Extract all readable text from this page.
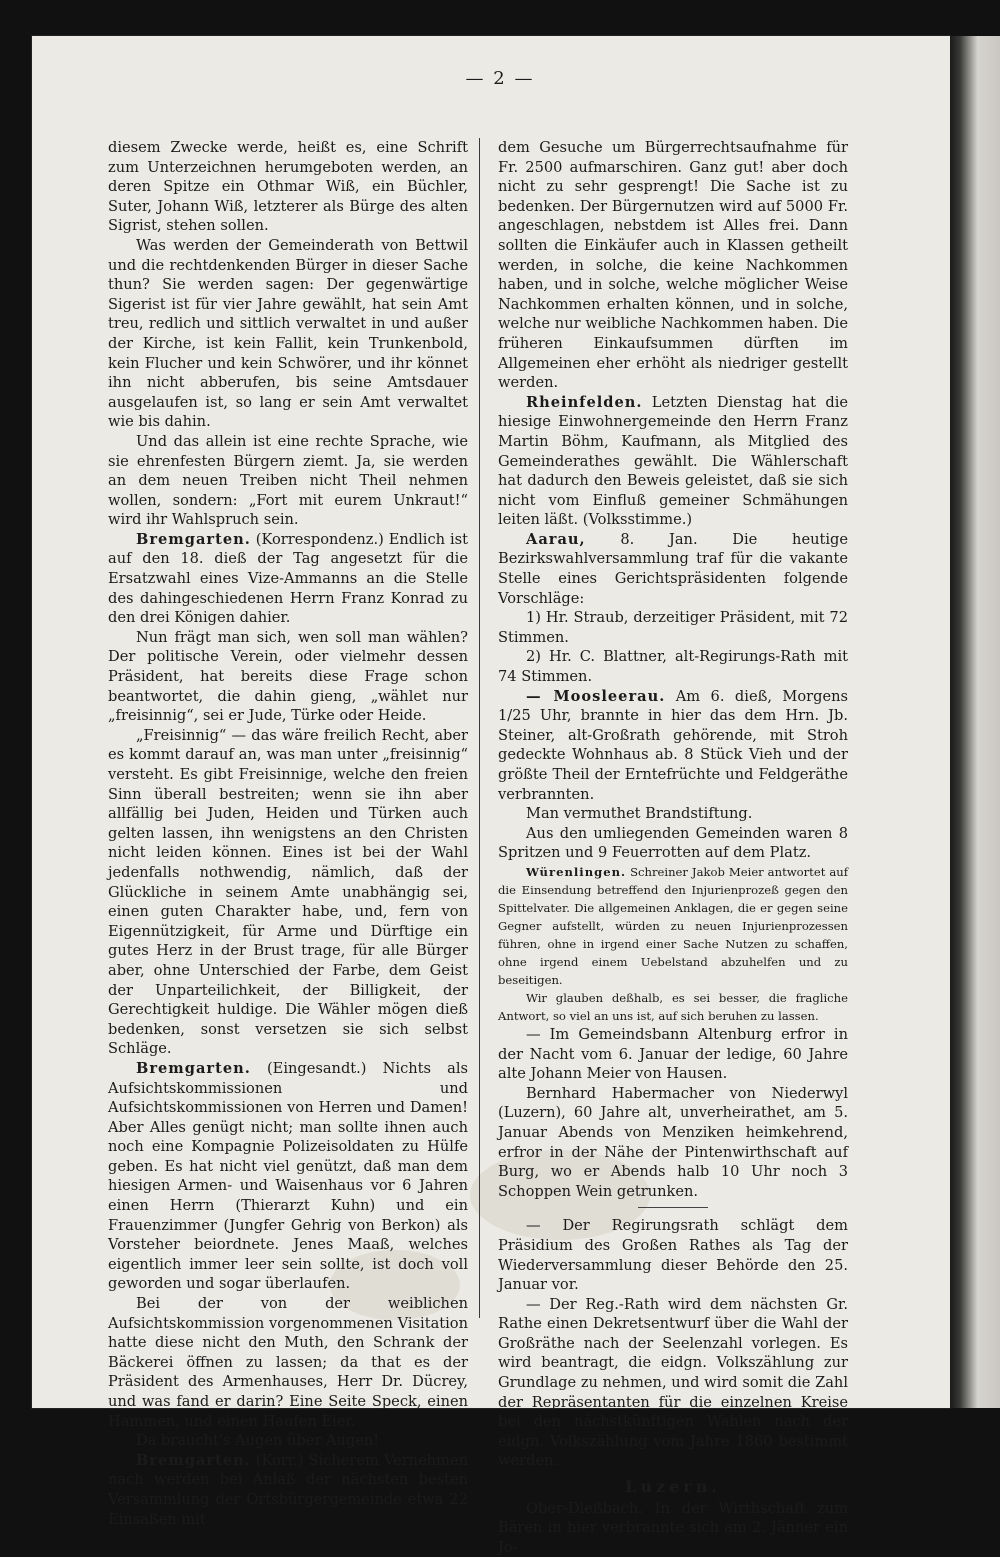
— 2 —

diesem Zwecke werde, heißt es, eine Schrift zum Unterzeichnen herumgeboten werden, an deren Spitze ein Othmar Wiß, ein Büchler, Suter, Johann Wiß, letzterer als Bürge des alten Sigrist, stehen sollen.

Was werden der Gemeinderath von Bettwil und die rechtdenkenden Bürger in dieser Sache thun? Sie werden sagen: Der gegenwärtige Sigerist ist für vier Jahre gewählt, hat sein Amt treu, redlich und sittlich verwaltet in und außer der Kirche, ist kein Fallit, kein Trunkenbold, kein Flucher und kein Schwörer, und ihr könnet ihn nicht abberufen, bis seine Amtsdauer ausgelaufen ist, so lang er sein Amt verwaltet wie bis dahin.

Und das allein ist eine rechte Sprache, wie sie ehrenfesten Bürgern ziemt. Ja, sie werden an dem neuen Treiben nicht Theil nehmen wollen, sondern: „Fort mit eurem Unkraut!“ wird ihr Wahlspruch sein.

Bremgarten. (Korrespondenz.) Endlich ist auf den 18. dieß der Tag angesetzt für die Ersatzwahl eines Vize-Ammanns an die Stelle des dahingeschiedenen Herrn Franz Konrad zu den drei Königen dahier.

Nun frägt man sich, wen soll man wählen? Der politische Verein, oder vielmehr dessen Präsident, hat bereits diese Frage schon beantwortet, die dahin gieng, „wählet nur „freisinnig“, sei er Jude, Türke oder Heide.

„Freisinnig“ — das wäre freilich Recht, aber es kommt darauf an, was man unter „freisinnig“ versteht. Es gibt Freisinnige, welche den freien Sinn überall bestreiten; wenn sie ihn aber allfällig bei Juden, Heiden und Türken auch gelten lassen, ihn wenigstens an den Christen nicht leiden können. Eines ist bei der Wahl jedenfalls nothwendig, nämlich, daß der Glückliche in seinem Amte unabhängig sei, einen guten Charakter habe, und, fern von Eigennützigkeit, für Arme und Dürftige ein gutes Herz in der Brust trage, für alle Bürger aber, ohne Unterschied der Farbe, dem Geist der Unparteilichkeit, der Billigkeit, der Gerechtigkeit huldige. Die Wähler mögen dieß bedenken, sonst versetzen sie sich selbst Schläge.

Bremgarten. (Eingesandt.) Nichts als Aufsichtskommissionen und Aufsichtskommissionen von Herren und Damen! Aber Alles genügt nicht; man sollte ihnen auch noch eine Kompagnie Polizeisoldaten zu Hülfe geben. Es hat nicht viel genützt, daß man dem hiesigen Armen- und Waisenhaus vor 6 Jahren einen Herrn (Thierarzt Kuhn) und ein Frauenzimmer (Jungfer Gehrig von Berkon) als Vorsteher beiordnete. Jenes Maaß, welches eigentlich immer leer sein sollte, ist doch voll geworden und sogar überlaufen.

Bei der von der weiblichen Aufsichtskommission vorgenommenen Visitation hatte diese nicht den Muth, den Schrank der Bäckerei öffnen zu lassen; da that es der Präsident des Armenhauses, Herr Dr. Dücrey, und was fand er darin? Eine Seite Speck, einen Hammen, und einen Haufen Eier.

Da braucht's Augen über Augen!

Bremgarten. (Korr.) Sicherem Vernehmen nach werden bei Anlaß der nächsten besten Versammlung der Ortsbürgergemeinde etwa 22 Einsaßen mit

dem Gesuche um Bürgerrechtsaufnahme für Fr. 2500 aufmarschiren. Ganz gut! aber doch nicht zu sehr gesprengt! Die Sache ist zu bedenken. Der Bürgernutzen wird auf 5000 Fr. angeschlagen, nebstdem ist Alles frei. Dann sollten die Einkäufer auch in Klassen getheilt werden, in solche, die keine Nachkommen haben, und in solche, welche möglicher Weise Nachkommen erhalten können, und in solche, welche nur weibliche Nachkommen haben. Die früheren Einkaufsummen dürften im Allgemeinen eher erhöht als niedriger gestellt werden.

Rheinfelden. Letzten Dienstag hat die hiesige Einwohnergemeinde den Herrn Franz Martin Böhm, Kaufmann, als Mitglied des Gemeinderathes gewählt. Die Wählerschaft hat dadurch den Beweis geleistet, daß sie sich nicht vom Einfluß gemeiner Schmähungen leiten läßt. (Volksstimme.)

Aarau, 8. Jan. Die heutige Bezirkswahlversammlung traf für die vakante Stelle eines Gerichtspräsidenten folgende Vorschläge:

1) Hr. Straub, derzeitiger Präsident, mit 72 Stimmen.

2) Hr. C. Blattner, alt-Regirungs-Rath mit 74 Stimmen.

— Moosleerau. Am 6. dieß, Morgens 1/25 Uhr, brannte in hier das dem Hrn. Jb. Steiner, alt-Großrath gehörende, mit Stroh gedeckte Wohnhaus ab. 8 Stück Vieh und der größte Theil der Erntefrüchte und Feldgeräthe verbrannten.

Man vermuthet Brandstiftung.

Aus den umliegenden Gemeinden waren 8 Spritzen und 9 Feuerrotten auf dem Platz.

Würenlingen. Schreiner Jakob Meier antwortet auf die Einsendung betreffend den Injurienprozeß gegen den Spittelvater. Die allgemeinen Anklagen, die er gegen seine Gegner aufstellt, würden zu neuen Injurienprozessen führen, ohne in irgend einer Sache Nutzen zu schaffen, ohne irgend einem Uebelstand abzuhelfen und zu beseitigen.

Wir glauben deßhalb, es sei besser, die fragliche Antwort, so viel an uns ist, auf sich beruhen zu lassen.

— Im Gemeindsbann Altenburg erfror in der Nacht vom 6. Januar der ledige, 60 Jahre alte Johann Meier von Hausen.

Bernhard Habermacher von Niederwyl (Luzern), 60 Jahre alt, unverheirathet, am 5. Januar Abends von Menziken heimkehrend, erfror in der Nähe der Pintenwirthschaft auf Burg, wo er Abends halb 10 Uhr noch 3 Schoppen Wein getrunken.

— Der Regirungsrath schlägt dem Präsidium des Großen Rathes als Tag der Wiederversammlung dieser Behörde den 25. Januar vor.

— Der Reg.-Rath wird dem nächsten Gr. Rathe einen Dekretsentwurf über die Wahl der Großräthe nach der Seelenzahl vorlegen. Es wird beantragt, die eidgn. Volkszählung zur Grundlage zu nehmen, und wird somit die Zahl der Repräsentanten für die einzelnen Kreise bei den nächstkünftigen Wahlen nach der eidgn. Volkszählung vom Jahre 1860 bestimmt werden.

Luzern.

Ober-Dießbach. In der Wirthschaft zum Bären in hier verbrannte sich am 2. Jänner ein Jo-
